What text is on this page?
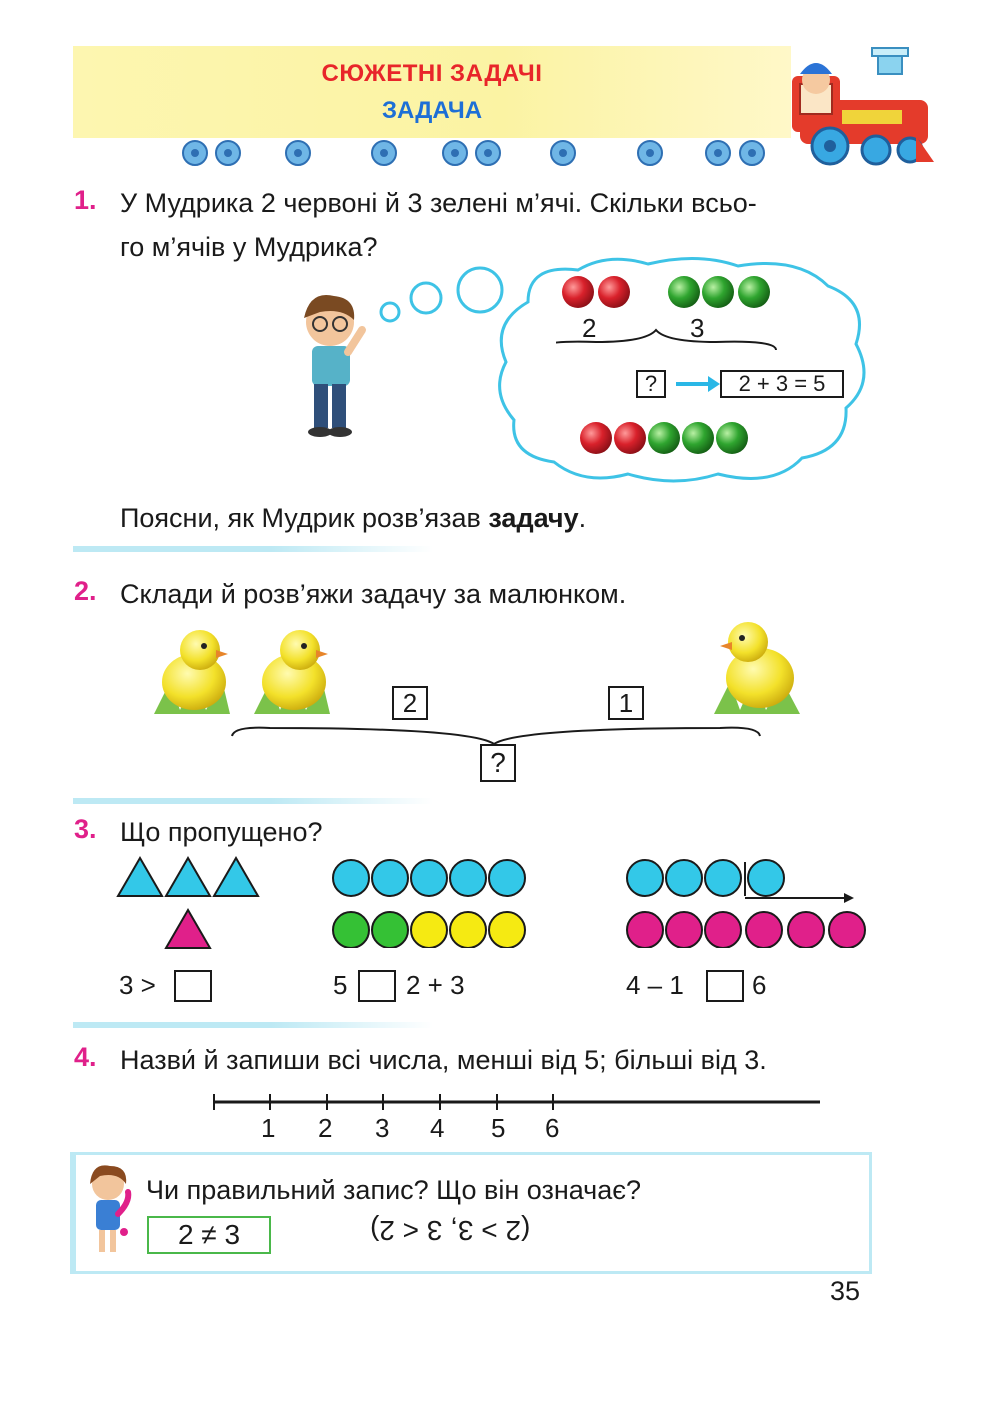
СЮЖЕТНІ ЗАДАЧІ
ЗАДАЧА
1. У Мудрика 2 червоні й 3 зелені м’ячі. Скільки всьо-
го м’ячів у Мудрика?
2	3
?	2 + 3 = 5
Поясни, як Мудрик розв’язав задачу.
2. Склади й розв’яжи задачу за малюнком.
2	1
?
3. Що пропущено?
3 >	5 2 + 3	4 – 1	6
4. Назви́ й запиши всі числа, менші від 5; більші від 3.
1 2 3 4 5 6
Чи правильний запис? Що він означає?
2 ≠ 3	(2 > 3, 3 < 2)
35
